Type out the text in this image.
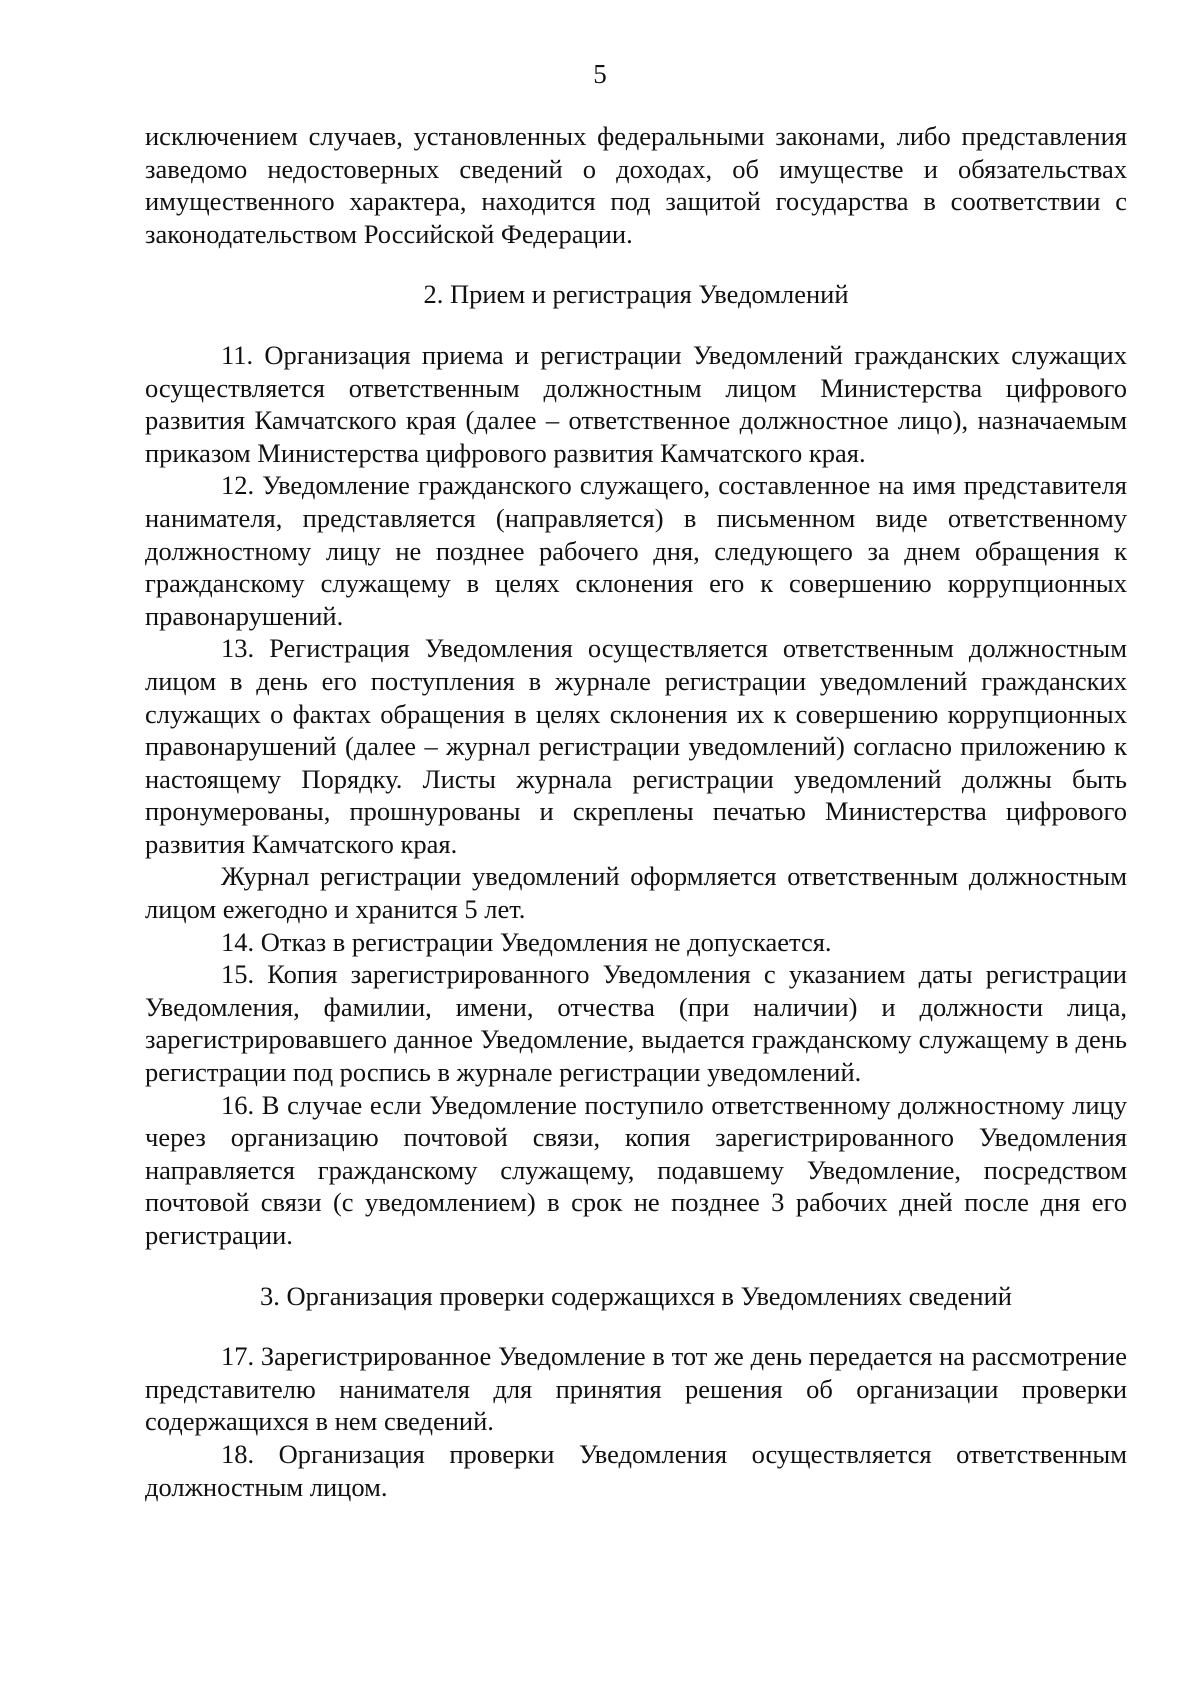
5

исключением случаев, установленных федеральными законами, либо представления заведомо недостоверных сведений о доходах, об имуществе и обязательствах имущественного характера, находится под защитой государства в соответствии с законодательством Российской Федерации.

2. Прием и регистрация Уведомлений

11. Организация приема и регистрации Уведомлений гражданских служащих осуществляется ответственным должностным лицом Министерства цифрового развития Камчатского края (далее – ответственное должностное лицо), назначаемым приказом Министерства цифрового развития Камчатского края.

12. Уведомление гражданского служащего, составленное на имя представителя нанимателя, представляется (направляется) в письменном виде ответственному должностному лицу не позднее рабочего дня, следующего за днем обращения к гражданскому служащему в целях склонения его к совершению коррупционных правонарушений.

13. Регистрация Уведомления осуществляется ответственным должностным лицом в день его поступления в журнале регистрации уведомлений гражданских служащих о фактах обращения в целях склонения их к совершению коррупционных правонарушений (далее – журнал регистрации уведомлений) согласно приложению к настоящему Порядку. Листы журнала регистрации уведомлений должны быть пронумерованы, прошнурованы и скреплены печатью Министерства цифрового развития Камчатского края.

Журнал регистрации уведомлений оформляется ответственным должностным лицом ежегодно и хранится 5 лет.

14. Отказ в регистрации Уведомления не допускается.

15. Копия зарегистрированного Уведомления с указанием даты регистрации Уведомления, фамилии, имени, отчества (при наличии) и должности лица, зарегистрировавшего данное Уведомление, выдается гражданскому служащему в день регистрации под роспись в журнале регистрации уведомлений.

16. В случае если Уведомление поступило ответственному должностному лицу через организацию почтовой связи, копия зарегистрированного Уведомления направляется гражданскому служащему, подавшему Уведомление, посредством почтовой связи (с уведомлением) в срок не позднее 3 рабочих дней после дня его регистрации.

3. Организация проверки содержащихся в Уведомлениях сведений

17. Зарегистрированное Уведомление в тот же день передается на рассмотрение представителю нанимателя для принятия решения об организации проверки содержащихся в нем сведений.

18. Организация проверки Уведомления осуществляется ответственным должностным лицом.
